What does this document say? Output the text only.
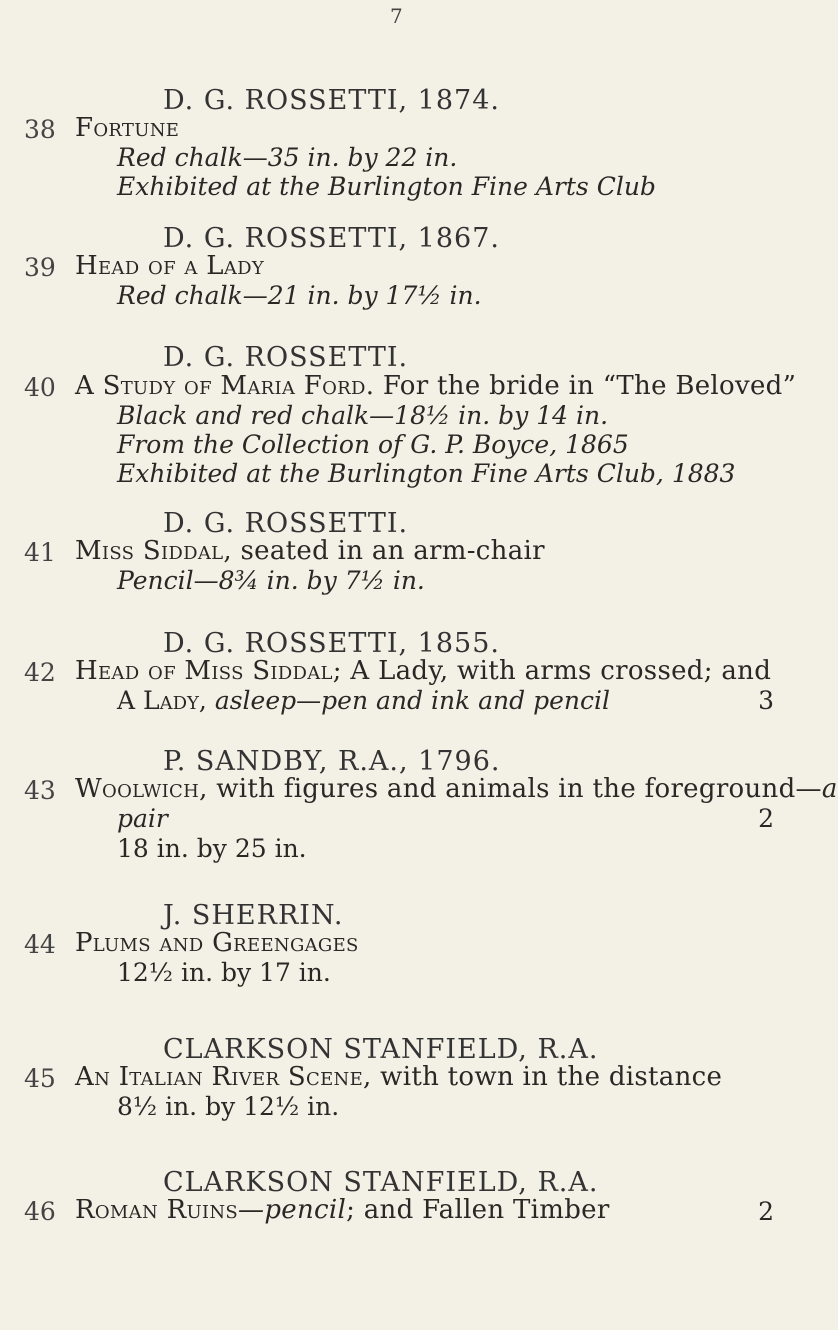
7
D. G. ROSSETTI, 1874.
38 Fortune
Red chalk—35 in. by 22 in.
Exhibited at the Burlington Fine Arts Club
D. G. ROSSETTI, 1867.
39 Head of a Lady
Red chalk—21 in. by 17½ in.
D. G. ROSSETTI.
40 A Study of Maria Ford. For the bride in “The Beloved”
Black and red chalk—18½ in. by 14 in.
From the Collection of G. P. Boyce, 1865
Exhibited at the Burlington Fine Arts Club, 1883
D. G. ROSSETTI.
41 Miss Siddal, seated in an arm-chair
Pencil—8¾ in. by 7½ in.
D. G. ROSSETTI, 1855.
42 Head of Miss Siddal; A Lady, with arms crossed; and
A Lady, asleep—pen and ink and pencil	3
P. SANDBY, R.A., 1796.
43 Woolwich, with figures and animals in the foreground—a
pair	2
18 in. by 25 in.
J. SHERRIN.
44 Plums and Greengages
12½ in. by 17 in.
CLARKSON STANFIELD, R.A.
45 An Italian River Scene, with town in the distance
8½ in. by 12½ in.
CLARKSON STANFIELD, R.A.
46 Roman Ruins—pencil; and Fallen Timber	2
